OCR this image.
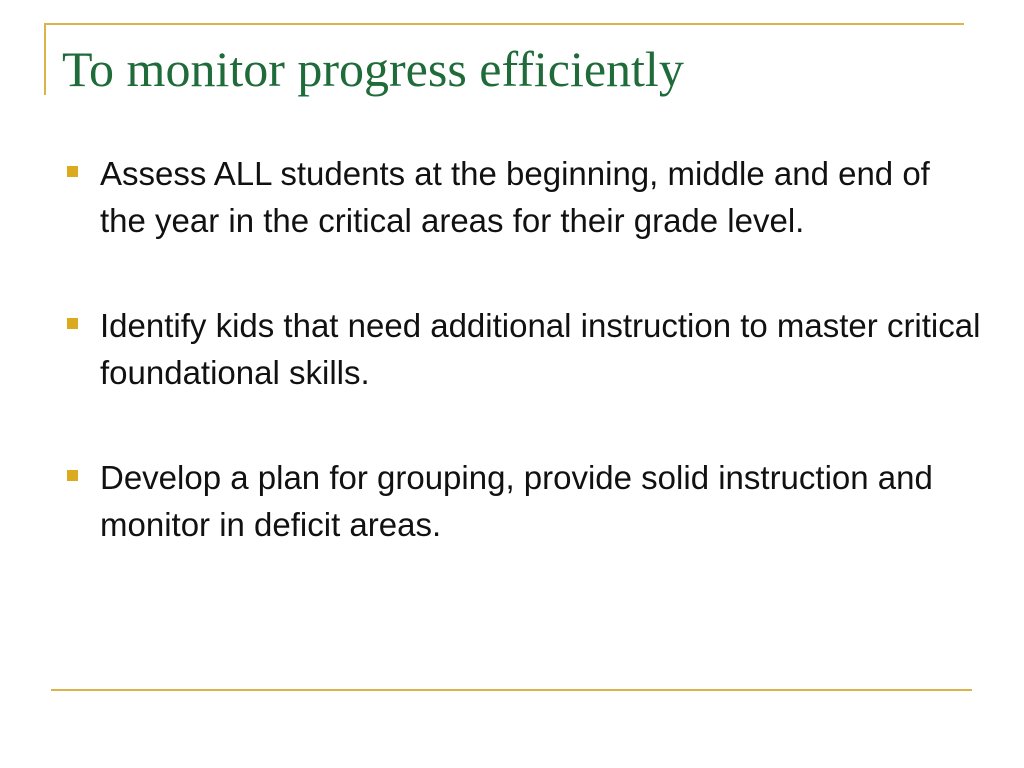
To monitor progress efficiently
Assess ALL students at the beginning, middle and end of the year in the critical areas for their grade level.
Identify kids that need additional instruction to master critical foundational skills.
Develop a plan for grouping, provide solid instruction and monitor in deficit areas.
